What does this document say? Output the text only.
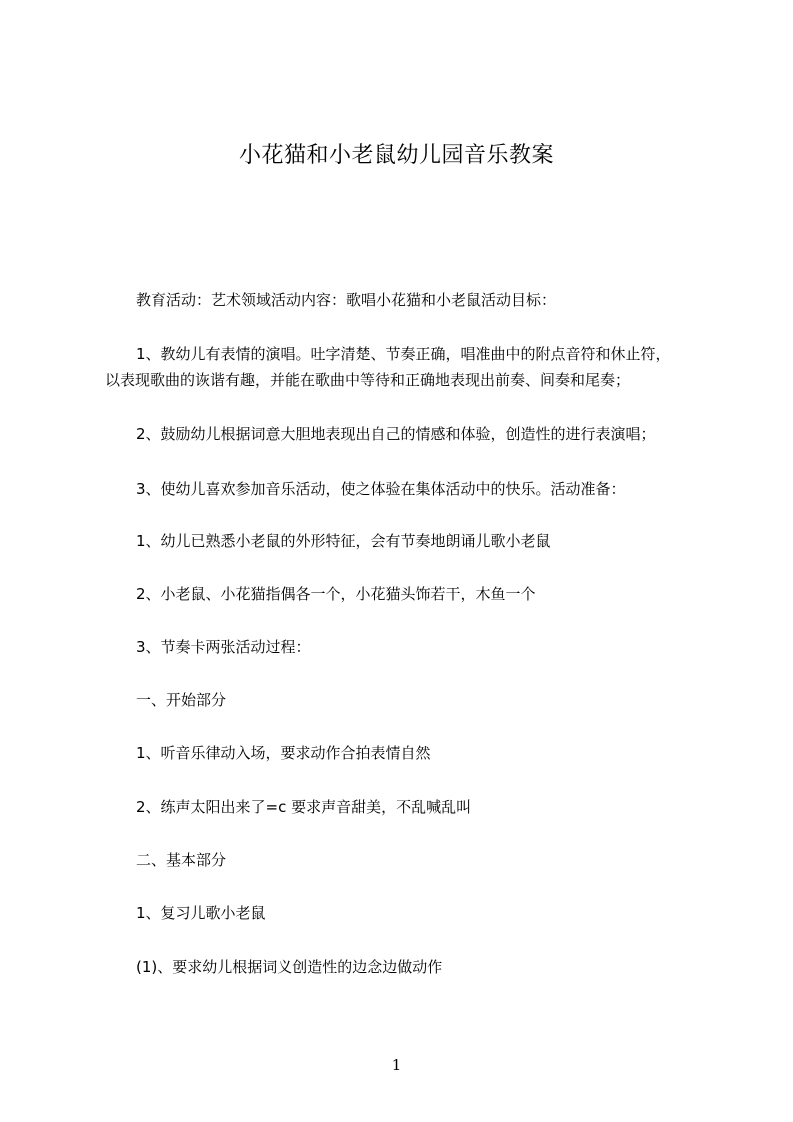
小花猫和小老鼠幼儿园音乐教案
教育活动：艺术领域活动内容：歌唱小花猫和小老鼠活动目标：
1、教幼儿有表情的演唱。吐字清楚、节奏正确，唱准曲中的附点音符和休止符，
以表现歌曲的诙谐有趣，并能在歌曲中等待和正确地表现出前奏、间奏和尾奏；
2、鼓励幼儿根据词意大胆地表现出自己的情感和体验，创造性的进行表演唱；
3、使幼儿喜欢参加音乐活动，使之体验在集体活动中的快乐。活动准备：
1、幼儿已熟悉小老鼠的外形特征，会有节奏地朗诵儿歌小老鼠
2、小老鼠、小花猫指偶各一个，小花猫头饰若干，木鱼一个
3、节奏卡两张活动过程：
一、开始部分
1、听音乐律动入场，要求动作合拍表情自然
2、练声太阳出来了=c 要求声音甜美，不乱喊乱叫
二、基本部分
1、复习儿歌小老鼠
(1)、要求幼儿根据词义创造性的边念边做动作
1
